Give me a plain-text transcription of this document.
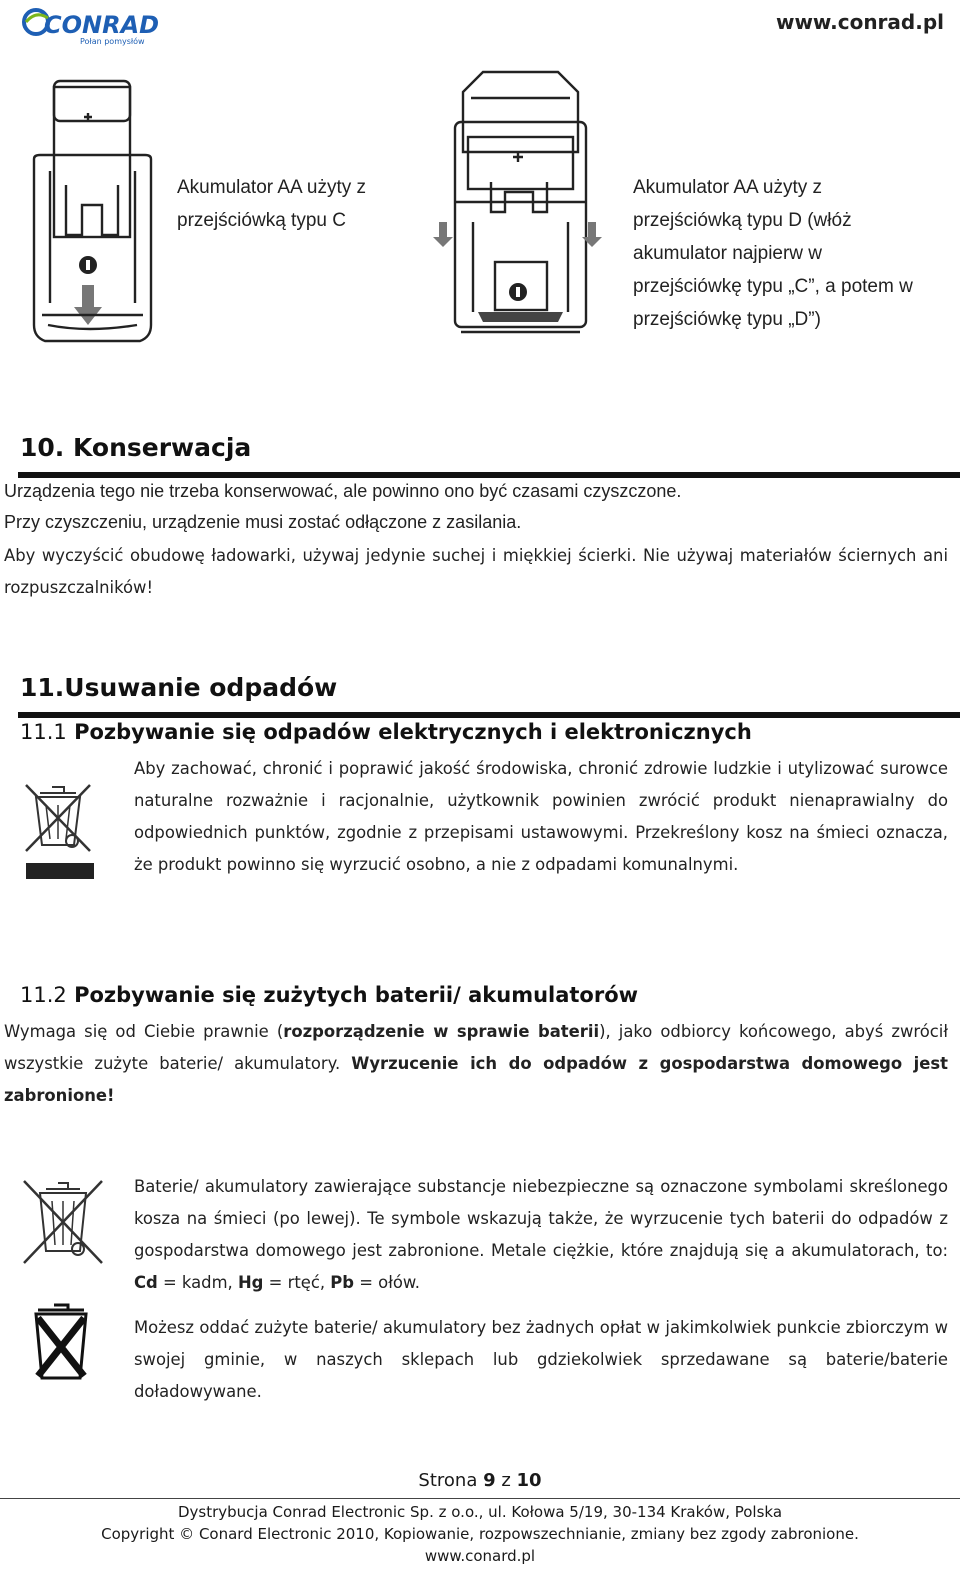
CONRAD
Połan pomysłów
www.conrad.pl
Akumulator AA użyty z
przejściówką typu C
Akumulator AA użyty z
przejściówką typu D (włóż
akumulator najpierw w
przejściówkę typu „C”, a potem w
przejściówkę typu „D”)
10. Konserwacja
Urządzenia tego nie trzeba konserwować, ale powinno ono być czasami czyszczone.
Przy czyszczeniu, urządzenie musi zostać odłączone z zasilania.
Aby wyczyścić obudowę ładowarki, używaj jedynie suchej i miękkiej ścierki. Nie używaj materiałów ściernych ani rozpuszczalników!
11.Usuwanie odpadów
11.1 Pozbywanie się odpadów elektrycznych i elektronicznych
Aby zachować, chronić i poprawić jakość środowiska, chronić zdrowie ludzkie i utylizować surowce naturalne rozważnie i racjonalnie, użytkownik powinien zwrócić produkt nienaprawialny do odpowiednich punktów, zgodnie z przepisami ustawowymi. Przekreślony kosz na śmieci oznacza, że produkt powinno się wyrzucić osobno, a nie z odpadami komunalnymi.
11.2 Pozbywanie się zużytych baterii/ akumulatorów
Wymaga się od Ciebie prawnie (rozporządzenie w sprawie baterii), jako odbiorcy końcowego, abyś zwrócił wszystkie zużyte baterie/ akumulatory. Wyrzucenie ich do odpadów z gospodarstwa domowego jest zabronione!
Baterie/ akumulatory zawierające substancje niebezpieczne są oznaczone symbolami skreślonego kosza na śmieci (po lewej). Te symbole wskazują także, że wyrzucenie tych baterii do odpadów z gospodarstwa domowego jest zabronione. Metale ciężkie, które znajdują się a akumulatorach, to: Cd = kadm, Hg = rtęć, Pb = ołów.
Możesz oddać zużyte baterie/ akumulatory bez żadnych opłat w jakimkolwiek punkcie zbiorczym w swojej gminie, w naszych sklepach lub gdziekolwiek sprzedawane są baterie/baterie doładowywane.
Strona 9 z 10
Dystrybucja Conrad Electronic Sp. z o.o., ul. Kołowa 5/19, 30-134 Kraków, Polska
Copyright © Conard Electronic 2010, Kopiowanie, rozpowszechnianie, zmiany bez zgody zabronione.
www.conard.pl
